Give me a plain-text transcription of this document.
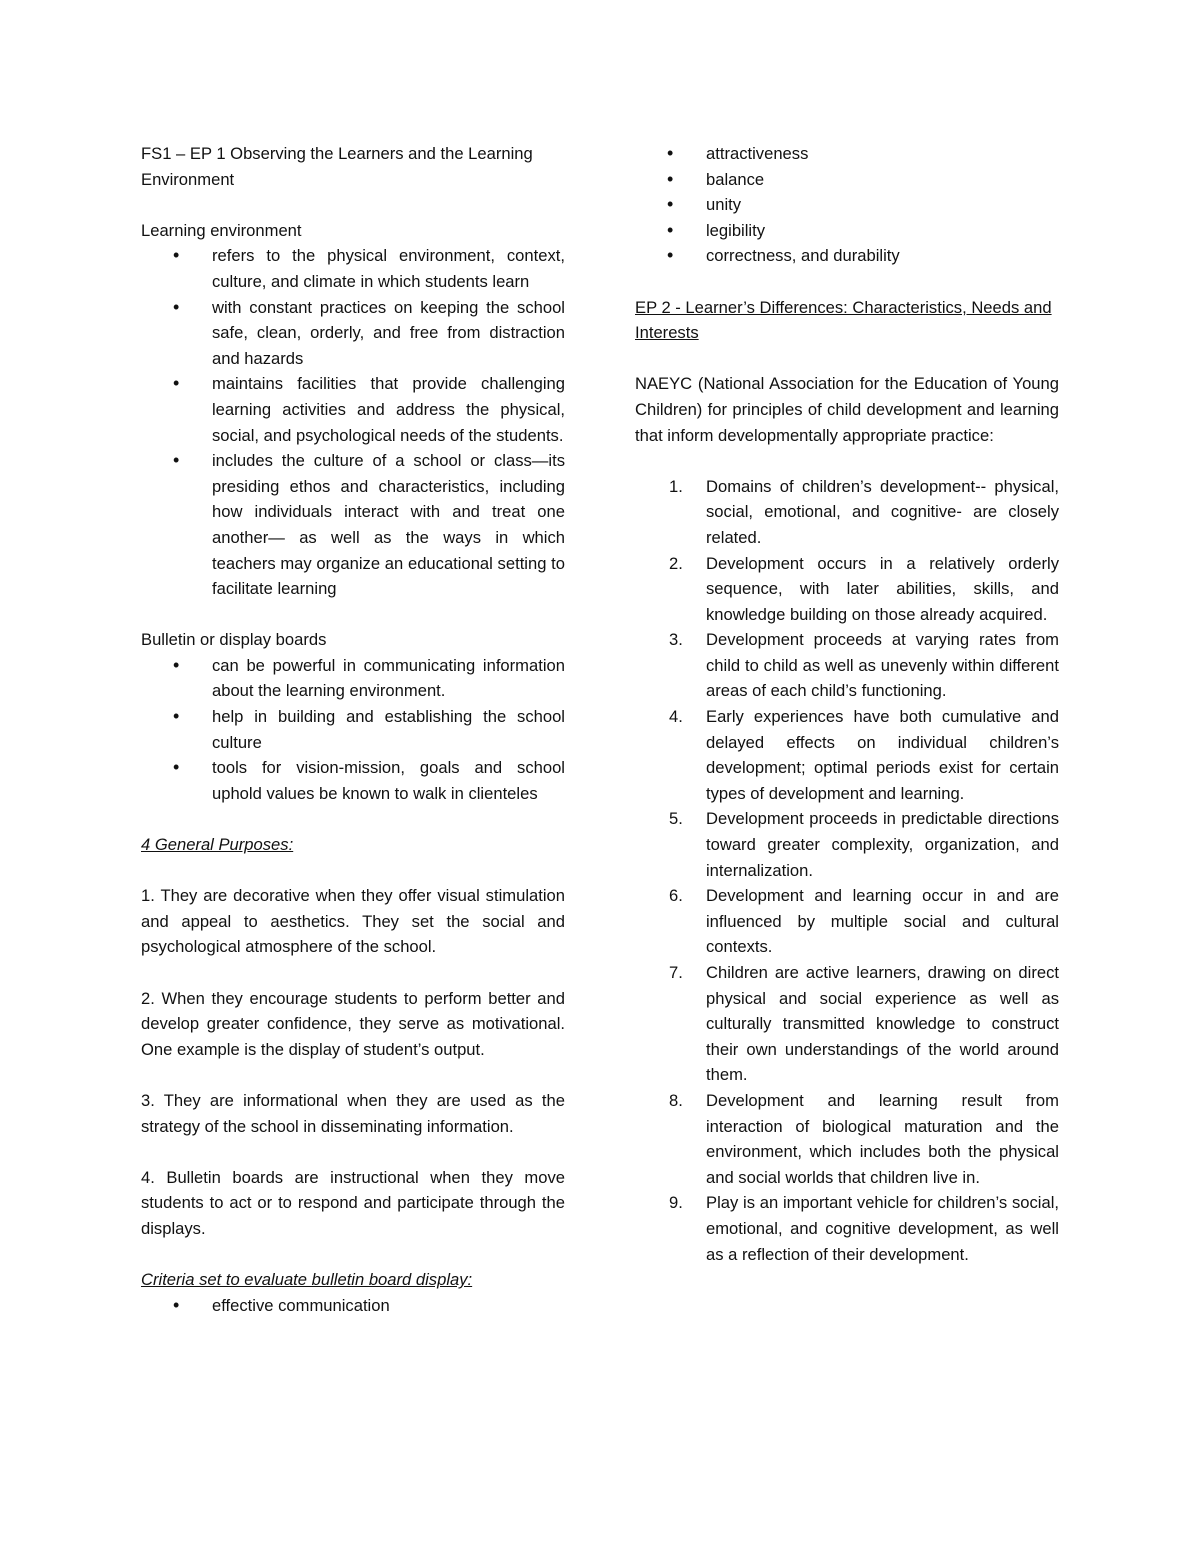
FS1 – EP 1 Observing the Learners and the Learning Environment

Learning environment

• refers to the physical environment, context, culture, and climate in which students learn
• with constant practices on keeping the school safe, clean, orderly, and free from distraction and hazards
• maintains facilities that provide challenging learning activities and address the physical, social, and psychological needs of the students.
• includes the culture of a school or class—its presiding ethos and characteristics, including how individuals interact with and treat one another— as well as the ways in which teachers may organize an educational setting to facilitate learning

Bulletin or display boards

• can be powerful in communicating information about the learning environment.
• help in building and establishing the school culture
• tools for vision-mission, goals and school uphold values be known to walk in clienteles

4 General Purposes:

1. They are decorative when they offer visual stimulation and appeal to aesthetics. They set the social and psychological atmosphere of the school.

2. When they encourage students to perform better and develop greater confidence, they serve as motivational. One example is the display of student’s output.

3. They are informational when they are used as the strategy of the school in disseminating information.

4. Bulletin boards are instructional when they move students to act or to respond and participate through the displays.

Criteria set to evaluate bulletin board display:

• effective communication
• attractiveness
• balance
• unity
• legibility
• correctness, and durability

EP 2 - Learner’s Differences: Characteristics, Needs and Interests

NAEYC (National Association for the Education of Young Children) for principles of child development and learning that inform developmentally appropriate practice:

1. Domains of children’s development-- physical, social, emotional, and cognitive- are closely related.
2. Development occurs in a relatively orderly sequence, with later abilities, skills, and knowledge building on those already acquired.
3. Development proceeds at varying rates from child to child as well as unevenly within different areas of each child’s functioning.
4. Early experiences have both cumulative and delayed effects on individual children’s development; optimal periods exist for certain types of development and learning.
5. Development proceeds in predictable directions toward greater complexity, organization, and internalization.
6. Development and learning occur in and are influenced by multiple social and cultural contexts.
7. Children are active learners, drawing on direct physical and social experience as well as culturally transmitted knowledge to construct their own understandings of the world around them.
8. Development and learning result from interaction of biological maturation and the environment, which includes both the physical and social worlds that children live in.
9. Play is an important vehicle for children’s social, emotional, and cognitive development, as well as a reflection of their development.
